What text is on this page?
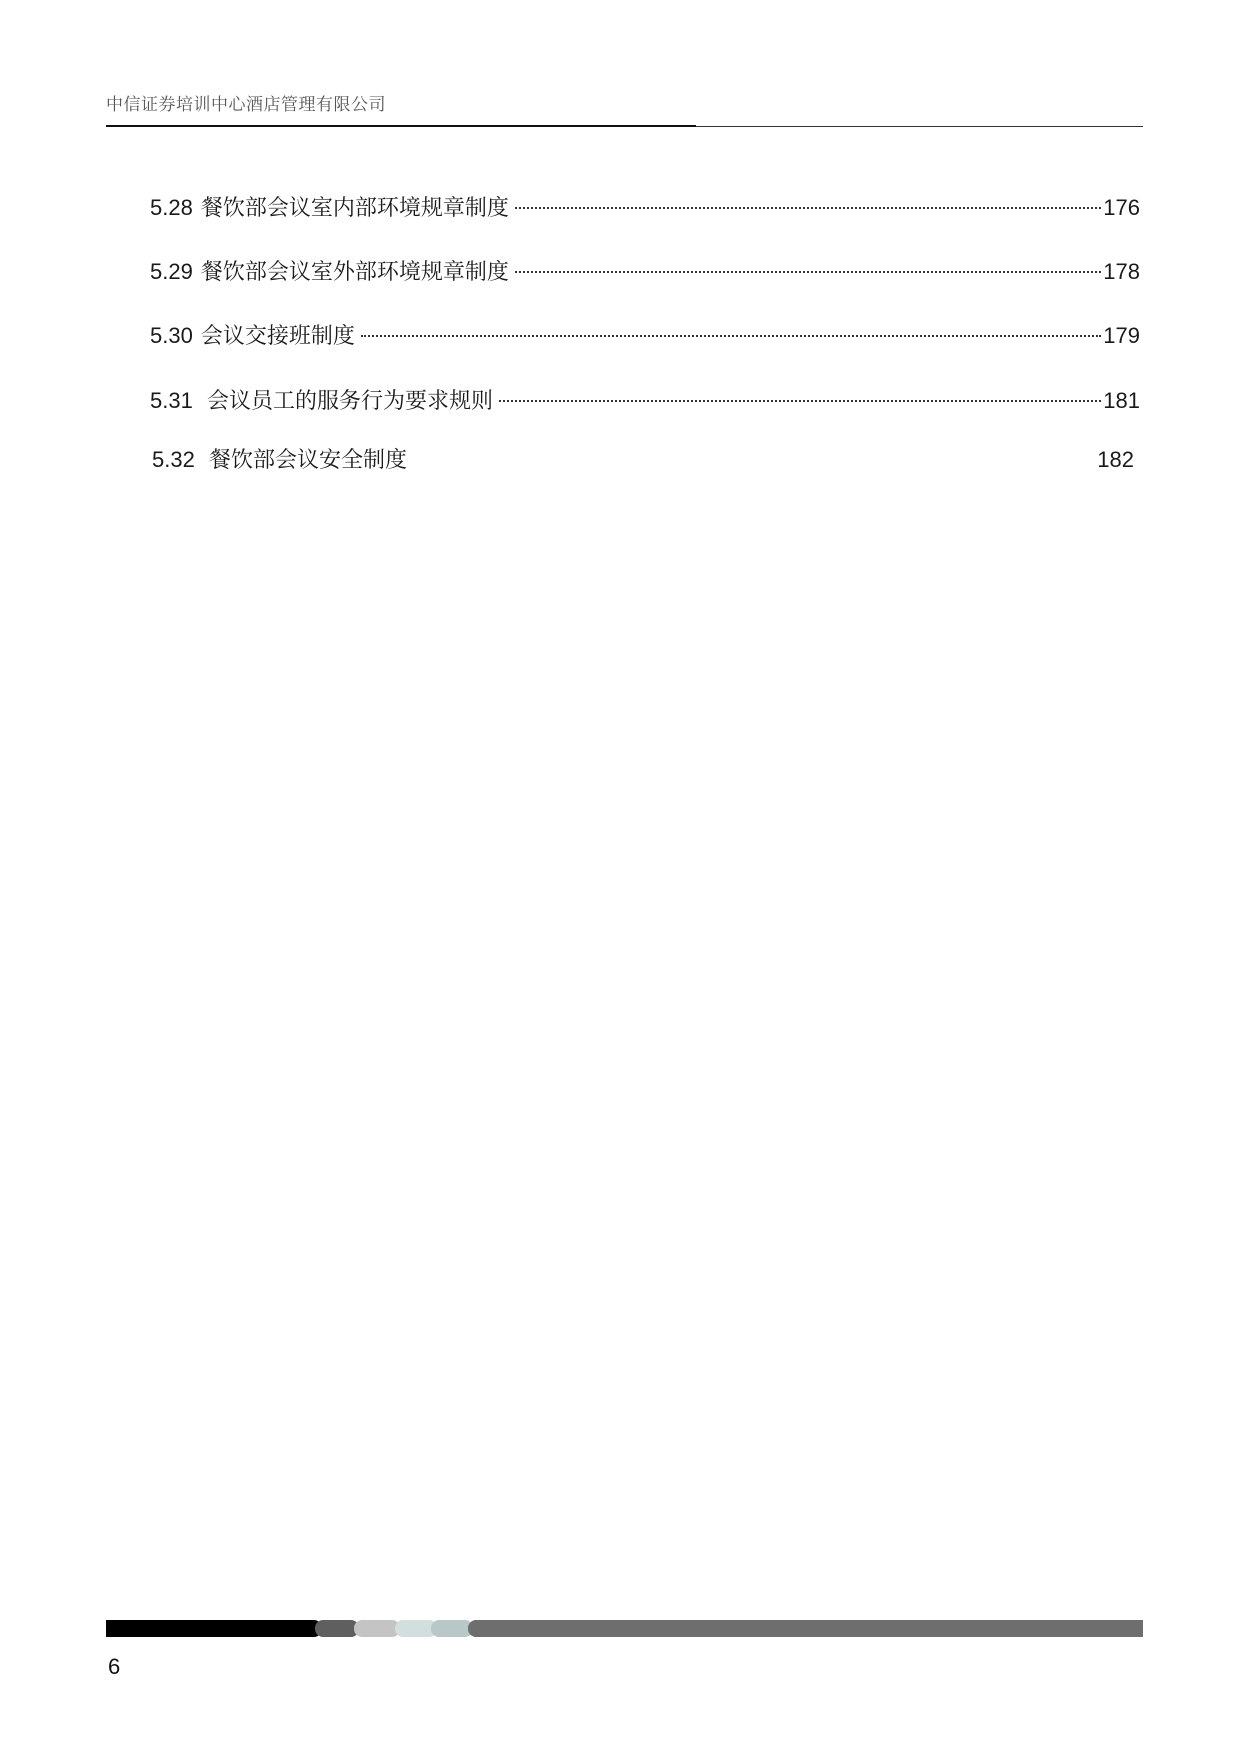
中信证券培训中心酒店管理有限公司
5.28 餐饮部会议室内部环境规章制度	176
5.29 餐饮部会议室外部环境规章制度	178
5.30 会议交接班制度	179
5.31 会议员工的服务行为要求规则	181
5.32 餐饮部会议安全制度	182
6
